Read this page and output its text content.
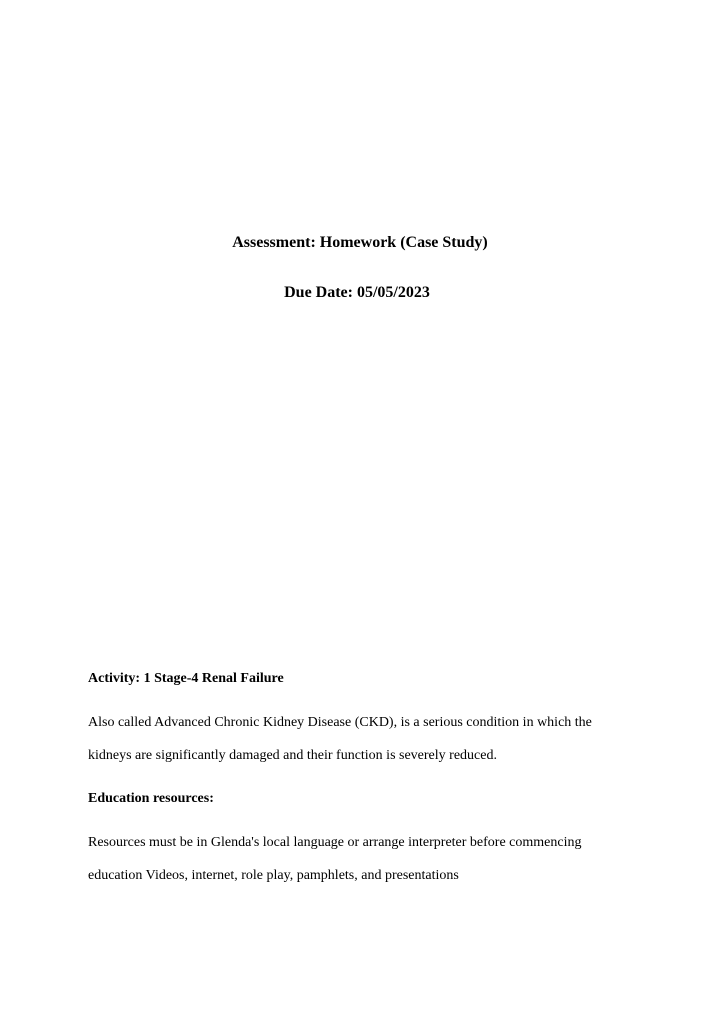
Assessment: Homework (Case Study)
Due Date: 05/05/2023
Activity: 1 Stage-4 Renal Failure

Also called Advanced Chronic Kidney Disease (CKD), is a serious condition in which the

kidneys are significantly damaged and their function is severely reduced.

Education resources:

Resources must be in Glenda's local language or arrange interpreter before commencing

education Videos, internet, role play, pamphlets, and presentations
